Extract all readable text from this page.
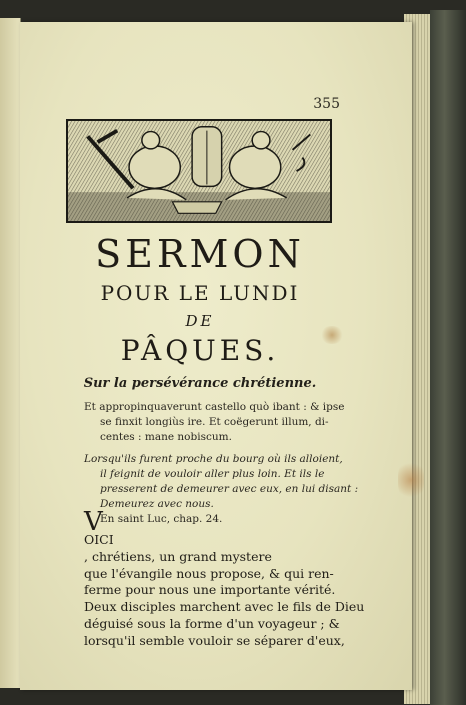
355
SERMON
POUR LE LUNDI
DE
PÂQUES.
Sur la persévérance chrétienne.
Et appropinquaverunt castello quò ibant : & ipse
se finxit longiùs ire. Et coëgerunt illum, di-
centes : mane nobiscum.
Lorsqu'ils furent proche du bourg où ils alloient,
il feignit de vouloir aller plus loin. Et ils le
presserent de demeurer avec eux, en lui disant :
Demeurez avec nous.
En saint Luc, chap. 24.
V
OICI
, chrétiens, un grand mystere
que l'évangile nous propose, & qui ren-
ferme pour nous une importante vérité.
Deux disciples marchent avec le fils de Dieu
déguisé sous la forme d'un voyageur ; &
lorsqu'il semble vouloir se séparer d'eux,
